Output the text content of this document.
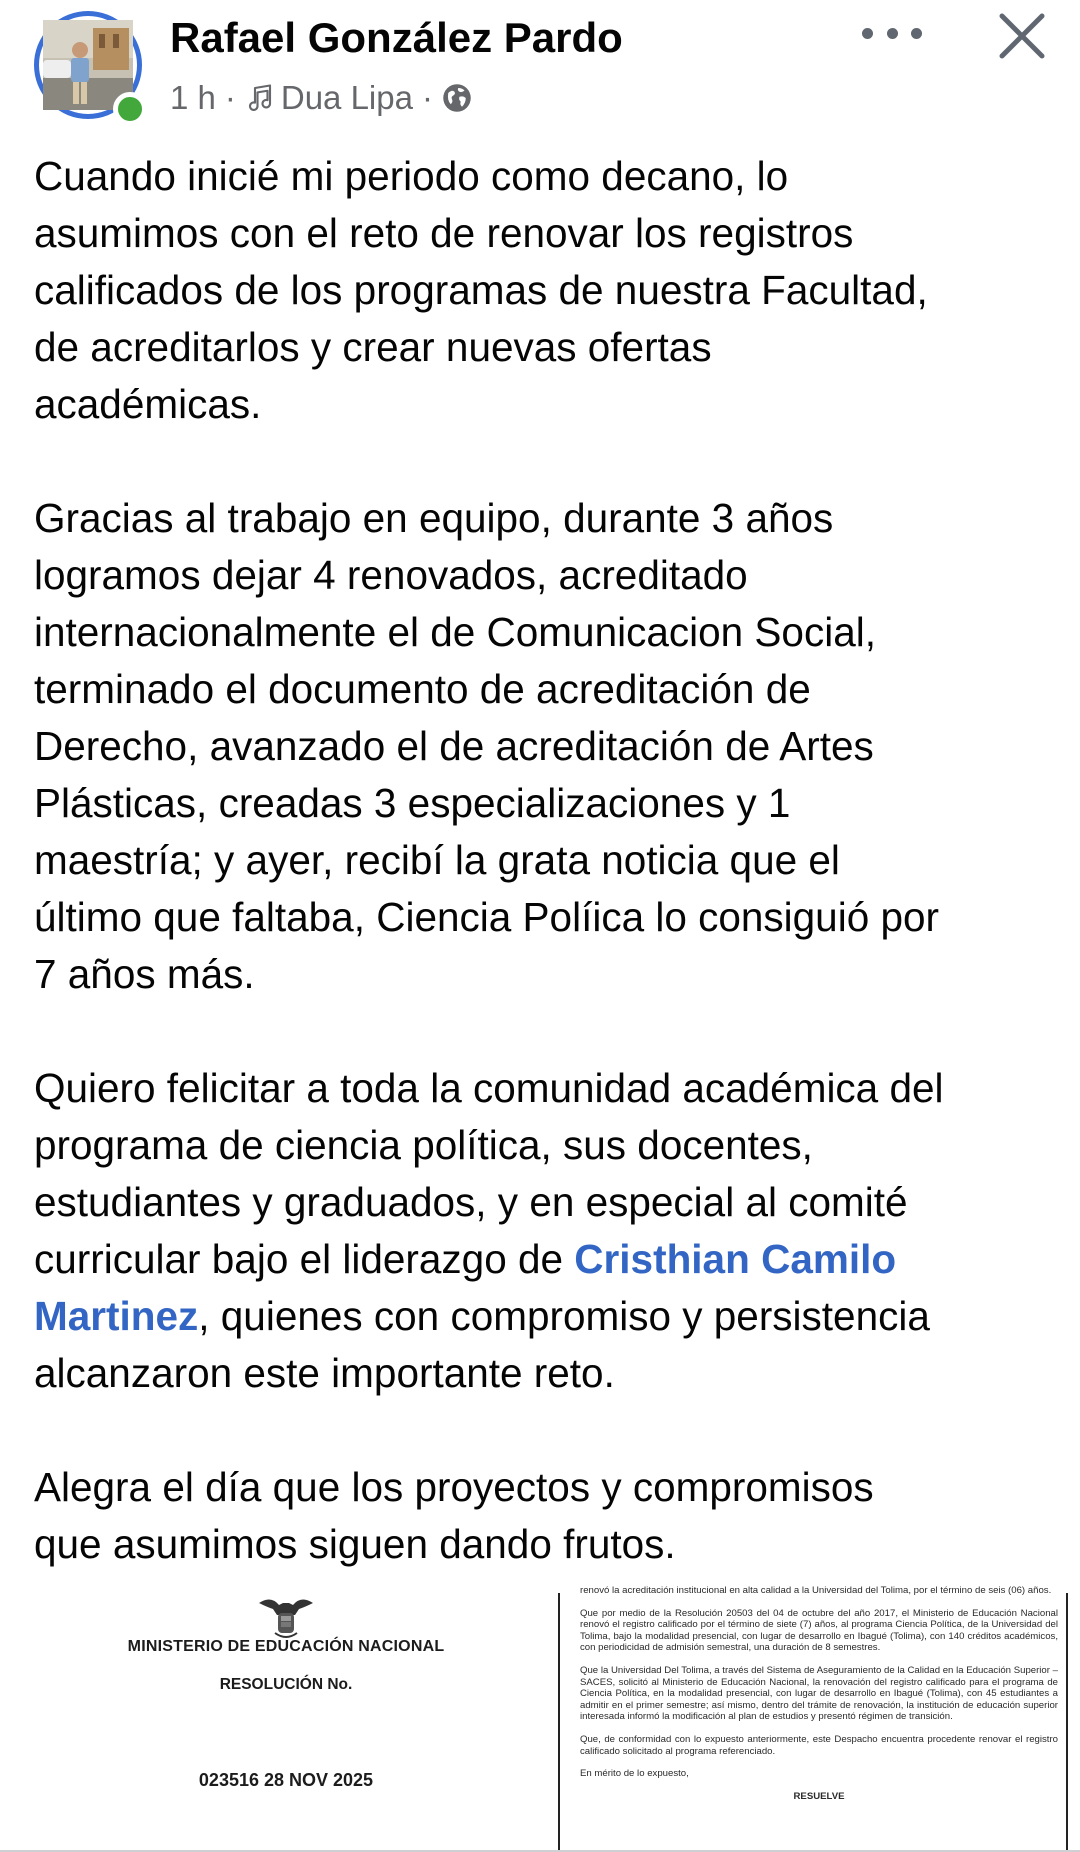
Rafael González Pardo
1 h · Dua Lipa ·

Cuando inicié mi periodo como decano, lo
asumimos con el reto de renovar los registros
calificados de los programas de nuestra Facultad,
de acreditarlos y crear nuevas ofertas
académicas.

Gracias al trabajo en equipo, durante 3 años
logramos dejar 4 renovados, acreditado
internacionalmente el de Comunicacion Social,
terminado el documento de acreditación de
Derecho, avanzado el de acreditación de Artes
Plásticas, creadas 3 especializaciones y 1
maestría; y ayer, recibí la grata noticia que el
último que faltaba, Ciencia Políica lo consiguió por
7 años más.

Quiero felicitar a toda la comunidad académica del
programa de ciencia política, sus docentes,
estudiantes y graduados, y en especial al comité
curricular bajo el liderazgo de Cristhian Camilo
Martinez, quienes con compromiso y persistencia
alcanzaron este importante reto.

Alegra el día que los proyectos y compromisos
que asumimos siguen dando frutos.

MINISTERIO DE EDUCACIÓN NACIONAL
RESOLUCIÓN No.
023516 28 NOV 2025

renovó la acreditación institucional en alta calidad a la Universidad del Tolima, por el término de seis (06) años.

Que por medio de la Resolución 20503 del 04 de octubre del año 2017, el Ministerio de Educación Nacional renovó el registro calificado por el término de siete (7) años, al programa Ciencia Política, de la Universidad del Tolima, bajo la modalidad presencial, con lugar de desarrollo en Ibagué (Tolima), con 140 créditos académicos, con periodicidad de admisión semestral, una duración de 8 semestres.

Que la Universidad Del Tolima, a través del Sistema de Aseguramiento de la Calidad en la Educación Superior –SACES, solicitó al Ministerio de Educación Nacional, la renovación del registro calificado para el programa de Ciencia Política, en la modalidad presencial, con lugar de desarrollo en Ibagué (Tolima), con 45 estudiantes a admitir en el primer semestre; así mismo, dentro del trámite de renovación, la institución de educación superior interesada informó la modificación al plan de estudios y presentó régimen de transición.

Que, de conformidad con lo expuesto anteriormente, este Despacho encuentra procedente renovar el registro calificado solicitado al programa referenciado.

En mérito de lo expuesto,

RESUELVE
